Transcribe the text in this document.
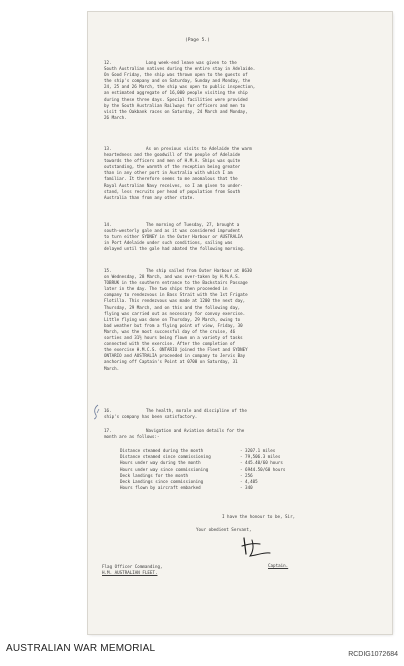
(Page 5.)
12.	Long week-end leave was given to the
South Australian natives during the entire stay in Adelaide.
On Good Friday, the ship was thrown open to the guests of
the ship's company and on Saturday, Sunday and Monday, the
24, 25 and 26 March, the ship was open to public inspection,
an estimated aggregate of 16,000 people visiting the ship
during these three days. Special facilities were provided
by the South Australian Railways for officers and men to
visit the Oakbank races on Saturday, 24 March and Monday,
26 March.
13.	As on previous visits to Adelaide the warm
heartedness and the goodwill of the people of Adelaide
towards the officers and men of H.M.A. Ships was quite
outstanding, the warmth of the reception being greater
than in any other port in Australia with which I am
familiar. It therefore seems to me anomalous that the
Royal Australian Navy receives, so I am given to under-
stand, less recruits per head of population from South
Australia than from any other state.
14.	The morning of Tuesday, 27, brought a
south-westerly gale and as it was considered imprudent
to turn either SYDNEY in the Outer Harbour or AUSTRALIA
in Port Adelaide under such conditions, sailing was
delayed until the gale had abated the following morning.
15.	The ship sailed from Outer Harbour at 0630
on Wednesday, 28 March, and was over-taken by H.M.A.S.
TOBRUK in the southern entrance to the Backstairs Passage
later in the day. The two ships then proceeded in
company to rendezvous in Bass Strait with the 1st Frigate
Flotilla. This rendezvous was made at 1200 the next day,
Thursday, 29 March, and on this and the following day,
flying was carried out as necessary for convoy exercise.
Little flying was done on Thursday, 29 March, owing to
bad weather but from a flying point of view, Friday, 30
March, was the most successful day of the cruise, 46
sorties and 31½ hours being flown on a variety of tasks
connected with the exercise. After the completion of
the exercise H.M.C.S. ONTARIO joined the Fleet and SYDNEY
ONTARIO and AUSTRALIA proceeded in company to Jervis Bay
anchoring off Captain's Point at 0700 on Saturday, 31
March.
16.	The health, morale and discipline of the
ship's company has been satisfactory.
17.	Navigation and Aviation details for the
month are as follows:-
Distance steamed during the month	- 3207.1 miles
Distance steamed since commissioning	- 79,506.3 miles
Hours under way during the month	- 445.40/60 hours
Hours under way since commissioning	- 6944.50/60 hours
Deck landings for the month	- 256
Deck Landings since commissioning	- 4,405
Hours flown by aircraft embarked	- 340
I have the honour to be, Sir,
Your obedient Servant,
Captain.
Flag Officer Commanding,
H.M. AUSTRALIAN FLEET.
AUSTRALIAN WAR MEMORIAL
RCDIG1072684
